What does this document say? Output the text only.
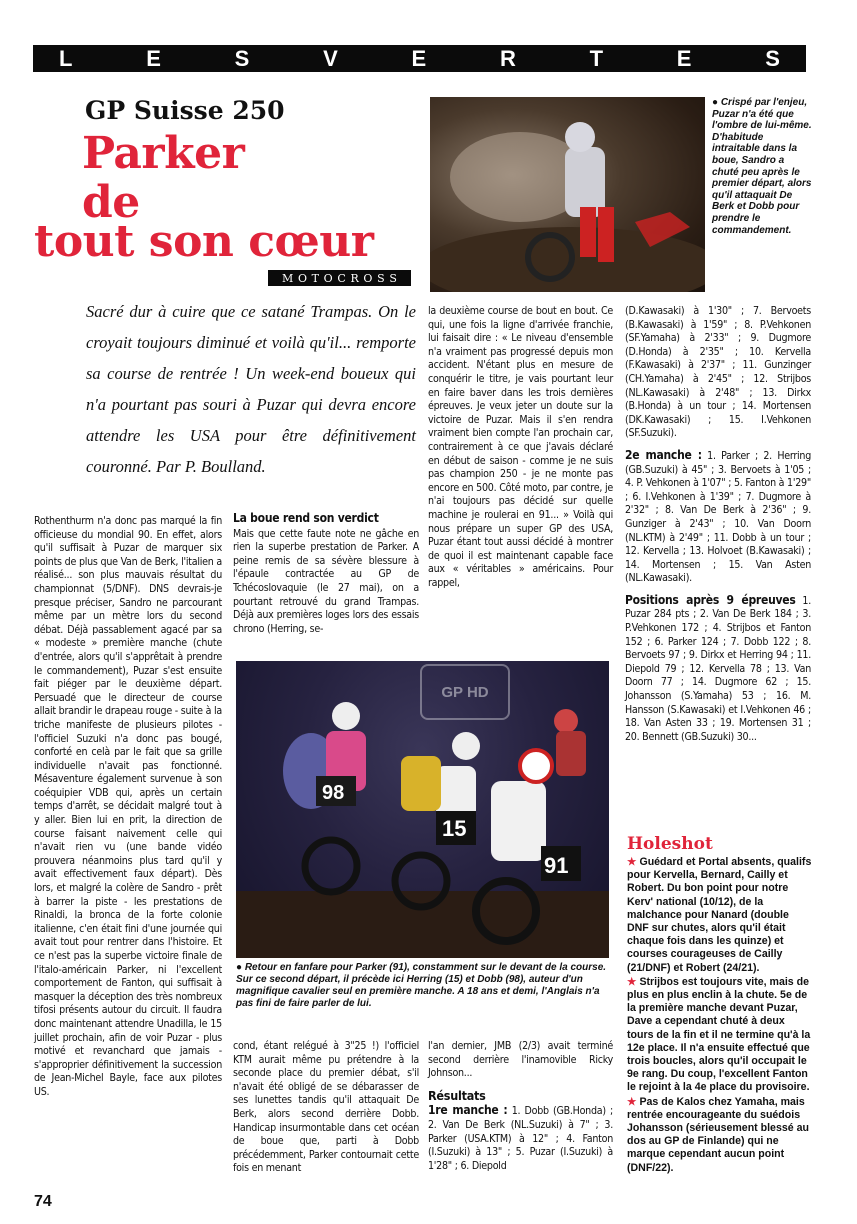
L	E	S	V	E	R	T	E	S
GP Suisse 250
Parker
de
tout son cœur
M O T O C R O S S
Sacré dur à cuire que ce satané Trampas. On le croyait toujours diminué et voilà qu'il... remporte sa course de rentrée ! Un week-end boueux qui n'a pourtant pas souri à Puzar qui devra encore attendre les USA pour être définitivement couronné. Par P. Boulland.
● Crispé par l'enjeu, Puzar n'a été que l'ombre de lui-même. D'habitude intraitable dans la boue, Sandro a chuté peu après le premier départ, alors qu'il attaquait De Berk et Dobb pour prendre le commandement.
Rothenthurm n'a donc pas marqué la fin officieuse du mondial 90. En effet, alors qu'il suffisait à Puzar de marquer six points de plus que Van de Berk, l'italien a réalisé... son plus mauvais résultat du championnat (5/DNF). DNS devrais-je presque préciser, Sandro ne parcourant même par un mètre lors du second débat. Déjà passablement agacé par sa « modeste » première manche (chute d'entrée, alors qu'il s'apprêtait à prendre le commandement), Puzar s'est ensuite fait piéger par le deuxième départ. Persuadé que le directeur de course allait brandir le drapeau rouge - suite à la triche manifeste de plusieurs pilotes - l'officiel Suzuki n'a donc pas bougé, conforté en celà par le fait que sa grille individuelle n'avait pas fonctionné. Mésaventure également survenue à son coéquipier VDB qui, après un certain temps d'arrêt, se décidait malgré tout à y aller. Bien lui en prit, la direction de course faisant naivement celle qui n'avait rien vu (une bande vidéo prouvera néanmoins plus tard qu'il y avait effectivement faux départ). Dès lors, et malgré la colère de Sandro - prêt à barrer la piste - les prestations de Rinaldi, la bronca de la forte colonie italienne, c'en était fini d'une journée qui avait tout pour rentrer dans l'histoire. Et ce n'est pas la superbe victoire finale de l'italo-américain Parker, ni l'excellent comportement de Fanton, qui suffisait à masquer la déception des très nombreux tifosi présents autour du circuit. Il faudra donc maintenant attendre Unadilla, le 15 juillet prochain, afin de voir Puzar - plus motivé et revanchard que jamais - s'approprier définitivement la succession de Jean-Michel Bayle, face aux pilotes US.
La boue rend son verdict
Mais que cette faute note ne gâche en rien la superbe prestation de Parker. A peine remis de sa sévère blessure à l'épaule contractée au GP de Tchécoslovaquie (le 27 mai), on a pourtant retrouvé du grand Trampas. Déjà aux premières loges lors des essais chrono (Herring, se-
la deuxième course de bout en bout. Ce qui, une fois la ligne d'arrivée franchie, lui faisait dire : « Le niveau d'ensemble n'a vraiment pas progressé depuis mon accident. N'étant plus en mesure de conquérir le titre, je vais pourtant leur en faire baver dans les trois dernières épreuves. Je veux jeter un doute sur la victoire de Puzar. Mais il s'en rendra vraiment bien compte l'an prochain car, contrairement à ce que j'avais déclaré en début de saison - comme je ne suis pas champion 250 - je ne monte pas encore en 500. Côté moto, par contre, je n'ai toujours pas décidé sur quelle machine je roulerai en 91... » Voilà qui nous prépare un super GP des USA, Puzar étant tout aussi décidé à montrer de quoi il est maintenant capable face aux « véritables » américains. Pour rappel,

(D.Kawasaki) à 1'30" ; 7. Bervoets (B.Kawasaki) à 1'59" ; 8. P.Vehkonen (SF.Yamaha) à 2'33" ; 9. Dugmore (D.Honda) à 2'35" ; 10. Kervella (F.Kawasaki) à 2'37" ; 11. Gunzinger (CH.Yamaha) à 2'45" ; 12. Strijbos (NL.Kawasaki) à 2'48" ; 13. Dirkx (B.Honda) à un tour ; 14. Mortensen (DK.Kawasaki) ; 15. I.Vehkonen (SF.Suzuki).

2e manche : 1. Parker ; 2. Herring (GB.Suzuki) à 45" ; 3. Bervoets à 1'05 ; 4. P. Vehkonen à 1'07" ; 5. Fanton à 1'29" ; 6. I.Vehkonen à 1'39" ; 7. Dugmore à 2'32" ; 8. Van De Berk à 2'36" ; 9. Gunziger à 2'43" ; 10. Van Doorn (NL.KTM) à 2'49" ; 11. Dobb à un tour ; 12. Kervella ; 13. Holvoet (B.Kawasaki) ; 14. Mortensen ; 15. Van Asten (NL.Kawasaki).

Positions après 9 épreuves 1. Puzar 284 pts ; 2. Van De Berk 184 ; 3. P.Vehkonen 172 ; 4. Strijbos et Fanton 152 ; 6. Parker 124 ; 7. Dobb 122 ; 8. Bervoets 97 ; 9. Dirkx et Herring 94 ; 11. Diepold 79 ; 12. Kervella 78 ; 13. Van Doorn 77 ; 14. Dugmore 62 ; 15. Johansson (S.Yamaha) 53 ; 16. M. Hansson (S.Kawasaki) et I.Vehkonen 46 ; 18. Van Asten 33 ; 19. Mortensen 31 ; 20. Bennett (GB.Suzuki) 30...

98
91
15
GP HD
● Retour en fanfare pour Parker (91), constamment sur le devant de la course. Sur ce second départ, il précède ici Herring (15) et Dobb (98), auteur d'un magnifique cavalier seul en première manche. A 18 ans et demi, l'Anglais n'a pas fini de faire parler de lui.
cond, étant relégué à 3"25 !) l'officiel KTM aurait même pu prétendre à la seconde place du premier débat, s'il n'avait été obligé de se débarasser de ses lunettes tandis qu'il attaquait De Berk, alors second derrière Dobb. Handicap insurmontable dans cet océan de boue que, parti à Dobb précédemment, Parker contournait cette fois en menant
l'an dernier, JMB (2/3) avait terminé second derrière l'inamovible Ricky Johnson...
Résultats
1re manche : 1. Dobb (GB.Honda) ; 2. Van De Berk (NL.Suzuki) à 7" ; 3. Parker (USA.KTM) à 12" ; 4. Fanton (I.Suzuki) à 13" ; 5. Puzar (I.Suzuki) à 1'28" ; 6. Diepold
Holeshot

★ Guédard et Portal absents, qualifs pour Kervella, Bernard, Cailly et Robert. Du bon point pour notre Kerv' national (10/12), de la malchance pour Nanard (double DNF sur chutes, alors qu'il était chaque fois dans les quinze) et courses courageuses de Cailly (21/DNF) et Robert (24/21).

★ Strijbos est toujours vite, mais de plus en plus enclin à la chute. 5e de la première manche devant Puzar, Dave a cependant chuté à deux tours de la fin et il ne termine qu'à la 12e place. Il n'a ensuite effectué que trois boucles, alors qu'il occupait le 9e rang. Du coup, l'excellent Fanton le rejoint à la 4e place du provisoire.

★ Pas de Kalos chez Yamaha, mais rentrée encourageante du suédois Johansson (sérieusement blessé au dos au GP de Finlande) qui ne marque cependant aucun point (DNF/22).

74
